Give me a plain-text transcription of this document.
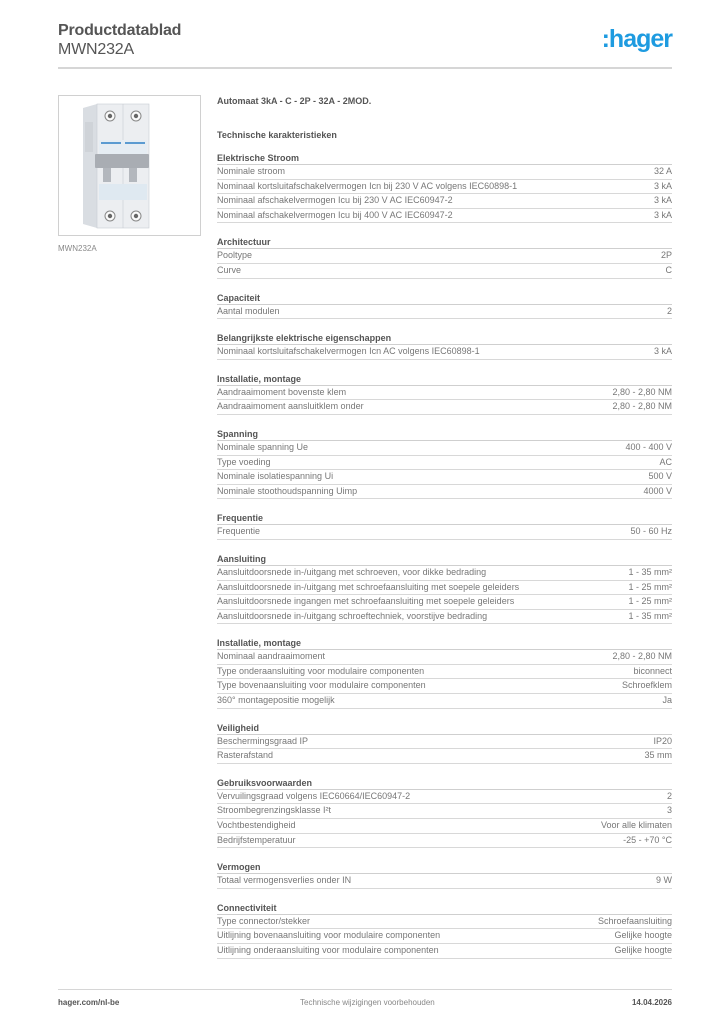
Productdatablad
MWN232A	:hager
MWN232A
Automaat 3kA - C - 2P - 32A - 2MOD.
Technische karakteristieken
Elektrische Stroom
Nominale stroom	32 A
Nominaal kortsluitafschakelvermogen Icn bij 230 V AC volgens IEC60898-1	3 kA
Nominaal afschakelvermogen Icu bij 230 V AC IEC60947-2	3 kA
Nominaal afschakelvermogen Icu bij 400 V AC IEC60947-2	3 kA
Architectuur
Pooltype	2P
Curve	C
Capaciteit
Aantal modulen	2
Belangrijkste elektrische eigenschappen
Nominaal kortsluitafschakelvermogen Icn AC volgens IEC60898-1	3 kA
Installatie, montage
Aandraaimoment bovenste klem	2,80 - 2,80 NM
Aandraaimoment aansluitklem onder	2,80 - 2,80 NM
Spanning
Nominale spanning Ue	400 - 400 V
Type voeding	AC
Nominale isolatiespanning Ui	500 V
Nominale stoothoudspanning Uimp	4000 V
Frequentie
Frequentie	50 - 60 Hz
Aansluiting
Aansluitdoorsnede in-/uitgang met schroeven, voor dikke bedrading	1 - 35 mm²
Aansluitdoorsnede in-/uitgang met schroefaansluiting met soepele geleiders	1 - 25 mm²
Aansluitdoorsnede ingangen met schroefaansluiting met soepele geleiders	1 - 25 mm²
Aansluitdoorsnede in-/uitgang schroeftechniek, voorstijve bedrading	1 - 35 mm²
Installatie, montage
Nominaal aandraaimoment	2,80 - 2,80 NM
Type onderaansluiting voor modulaire componenten	biconnect
Type bovenaansluiting voor modulaire componenten	Schroefklem
360° montagepositie mogelijk	Ja
Veiligheid
Beschermingsgraad IP	IP20
Rasterafstand	35 mm
Gebruiksvoorwaarden
Vervuilingsgraad volgens IEC60664/IEC60947-2	2
Stroombegrenzingsklasse I²t	3
Vochtbestendigheid	Voor alle klimaten
Bedrijfstemperatuur	-25 - +70 °C
Vermogen
Totaal vermogensverlies onder IN	9 W
Connectiviteit
Type connector/stekker	Schroefaansluiting
Uitlijning bovenaansluiting voor modulaire componenten	Gelijke hoogte
Uitlijning onderaansluiting voor modulaire componenten	Gelijke hoogte
hager.com/nl-be	Technische wijzigingen voorbehouden	14.04.2026
